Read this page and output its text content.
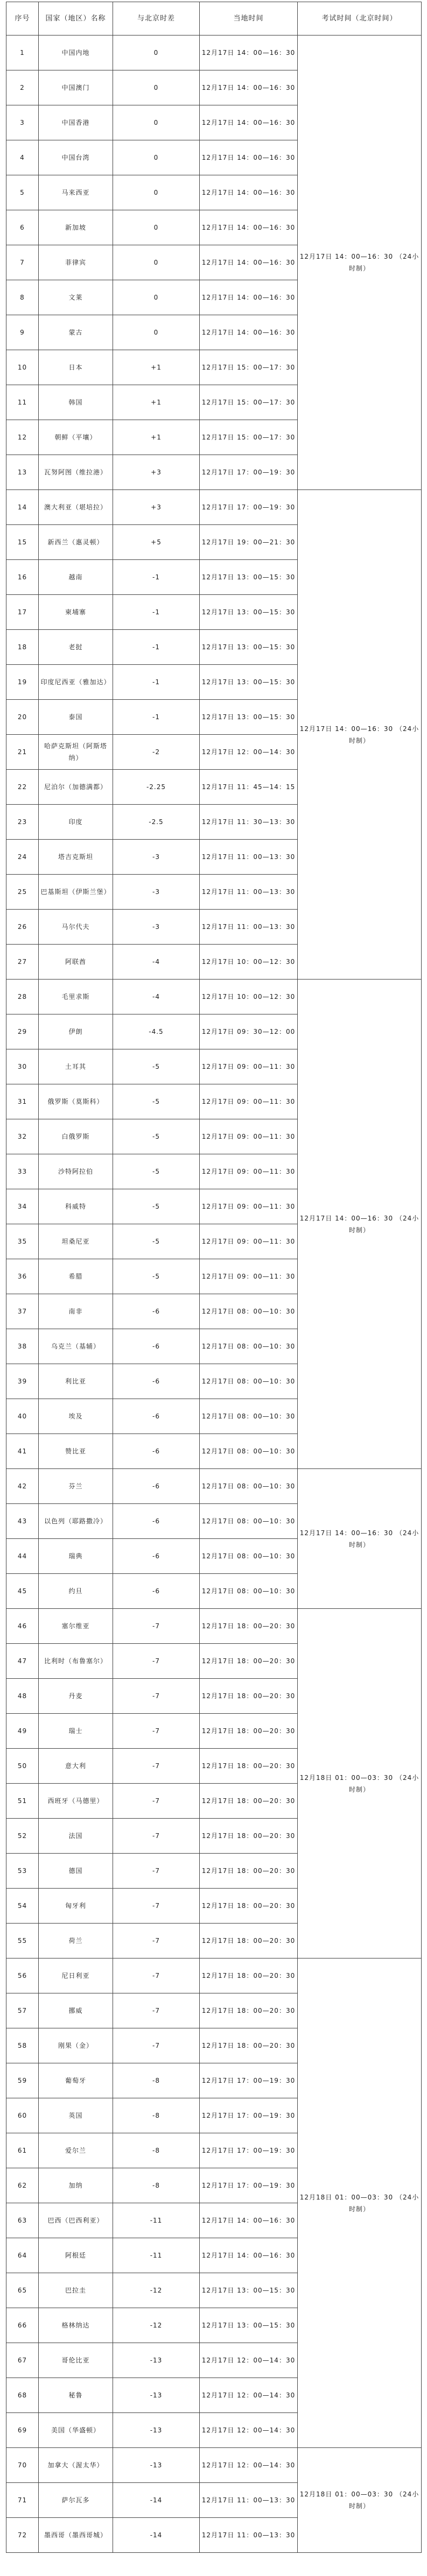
序号	国家（地区）名称	与北京时差	当地时间	考试时间（北京时间）
1	中国内地	0	12月17日 14：00—16：30	12月17日 14：00—16：30 （24小时制）
2	中国澳门	0	12月17日 14：00—16：30	
3	中国香港	0	12月17日 14：00—16：30	
4	中国台湾	0	12月17日 14：00—16：30	
5	马来西亚	0	12月17日 14：00—16：30	
6	新加坡	0	12月17日 14：00—16：30	
7	菲律宾	0	12月17日 14：00—16：30	
8	文莱	0	12月17日 14：00—16：30	
9	蒙古	0	12月17日 14：00—16：30	
10	日本	+1	12月17日 15：00—17：30	
11	韩国	+1	12月17日 15：00—17：30	
12	朝鲜（平壤）	+1	12月17日 15：00—17：30	
13	瓦努阿图（维拉港）	+3	12月17日 17：00—19：30	
14	澳大利亚（堪培拉）	+3	12月17日 17：00—19：30	12月17日 14：00—16：30 （24小时制）
15	新西兰（惠灵顿）	+5	12月17日 19：00—21：30	
16	越南	-1	12月17日 13：00—15：30	
17	柬埔寨	-1	12月17日 13：00—15：30	
18	老挝	-1	12月17日 13：00—15：30	
19	印度尼西亚（雅加达）	-1	12月17日 13：00—15：30	
20	泰国	-1	12月17日 13：00—15：30	
21	哈萨克斯坦（阿斯塔纳）	-2	12月17日 12：00—14：30	
22	尼泊尔（加德满都）	-2.25	12月17日 11：45—14：15	
23	印度	-2.5	12月17日 11：30—13：30	
24	塔吉克斯坦	-3	12月17日 11：00—13：30	
25	巴基斯坦（伊斯兰堡）	-3	12月17日 11：00—13：30	
26	马尔代夫	-3	12月17日 11：00—13：30	
27	阿联酋	-4	12月17日 10：00—12：30	
28	毛里求斯	-4	12月17日 10：00—12：30	12月17日 14：00—16：30 （24小时制）
29	伊朗	-4.5	12月17日 09：30—12：00	
30	土耳其	-5	12月17日 09：00—11：30	
31	俄罗斯（莫斯科）	-5	12月17日 09：00—11：30	
32	白俄罗斯	-5	12月17日 09：00—11：30	
33	沙特阿拉伯	-5	12月17日 09：00—11：30	
34	科威特	-5	12月17日 09：00—11：30	
35	坦桑尼亚	-5	12月17日 09：00—11：30	
36	希腊	-5	12月17日 09：00—11：30	
37	南非	-6	12月17日 08：00—10：30	
38	乌克兰（基辅）	-6	12月17日 08：00—10：30	
39	利比亚	-6	12月17日 08：00—10：30	
40	埃及	-6	12月17日 08：00—10：30	
41	赞比亚	-6	12月17日 08：00—10：30	
42	芬兰	-6	12月17日 08：00—10：30	12月17日 14：00—16：30 （24小时制）
43	以色列（耶路撒冷）	-6	12月17日 08：00—10：30	
44	瑞典	-6	12月17日 08：00—10：30	
45	约旦	-6	12月17日 08：00—10：30	
46	塞尔维亚	-7	12月17日 18：00—20：30	12月18日 01：00—03：30 （24小时制）
47	比利时（布鲁塞尔）	-7	12月17日 18：00—20：30	
48	丹麦	-7	12月17日 18：00—20：30	
49	瑞士	-7	12月17日 18：00—20：30	
50	意大利	-7	12月17日 18：00—20：30	
51	西班牙（马德里）	-7	12月17日 18：00—20：30	
52	法国	-7	12月17日 18：00—20：30	
53	德国	-7	12月17日 18：00—20：30	
54	匈牙利	-7	12月17日 18：00—20：30	
55	荷兰	-7	12月17日 18：00—20：30	
56	尼日利亚	-7	12月17日 18：00—20：30	12月18日 01：00—03：30 （24小时制）
57	挪威	-7	12月17日 18：00—20：30	
58	刚果（金）	-7	12月17日 18：00—20：30	
59	葡萄牙	-8	12月17日 17：00—19：30	
60	英国	-8	12月17日 17：00—19：30	
61	爱尔兰	-8	12月17日 17：00—19：30	
62	加纳	-8	12月17日 17：00—19：30	
63	巴西（巴西利亚）	-11	12月17日 14：00—16：30	
64	阿根廷	-11	12月17日 14：00—16：30	
65	巴拉圭	-12	12月17日 13：00—15：30	
66	格林纳达	-12	12月17日 13：00—15：30	
67	哥伦比亚	-13	12月17日 12：00—14：30	
68	秘鲁	-13	12月17日 12：00—14：30	
69	美国（华盛顿）	-13	12月17日 12：00—14：30	
70	加拿大（渥太华）	-13	12月17日 12：00—14：30	12月18日 01：00—03：30 （24小时制）
71	萨尔瓦多	-14	12月17日 11：00—13：30	
72	墨西哥（墨西哥城）	-14	12月17日 11：00—13：30	
